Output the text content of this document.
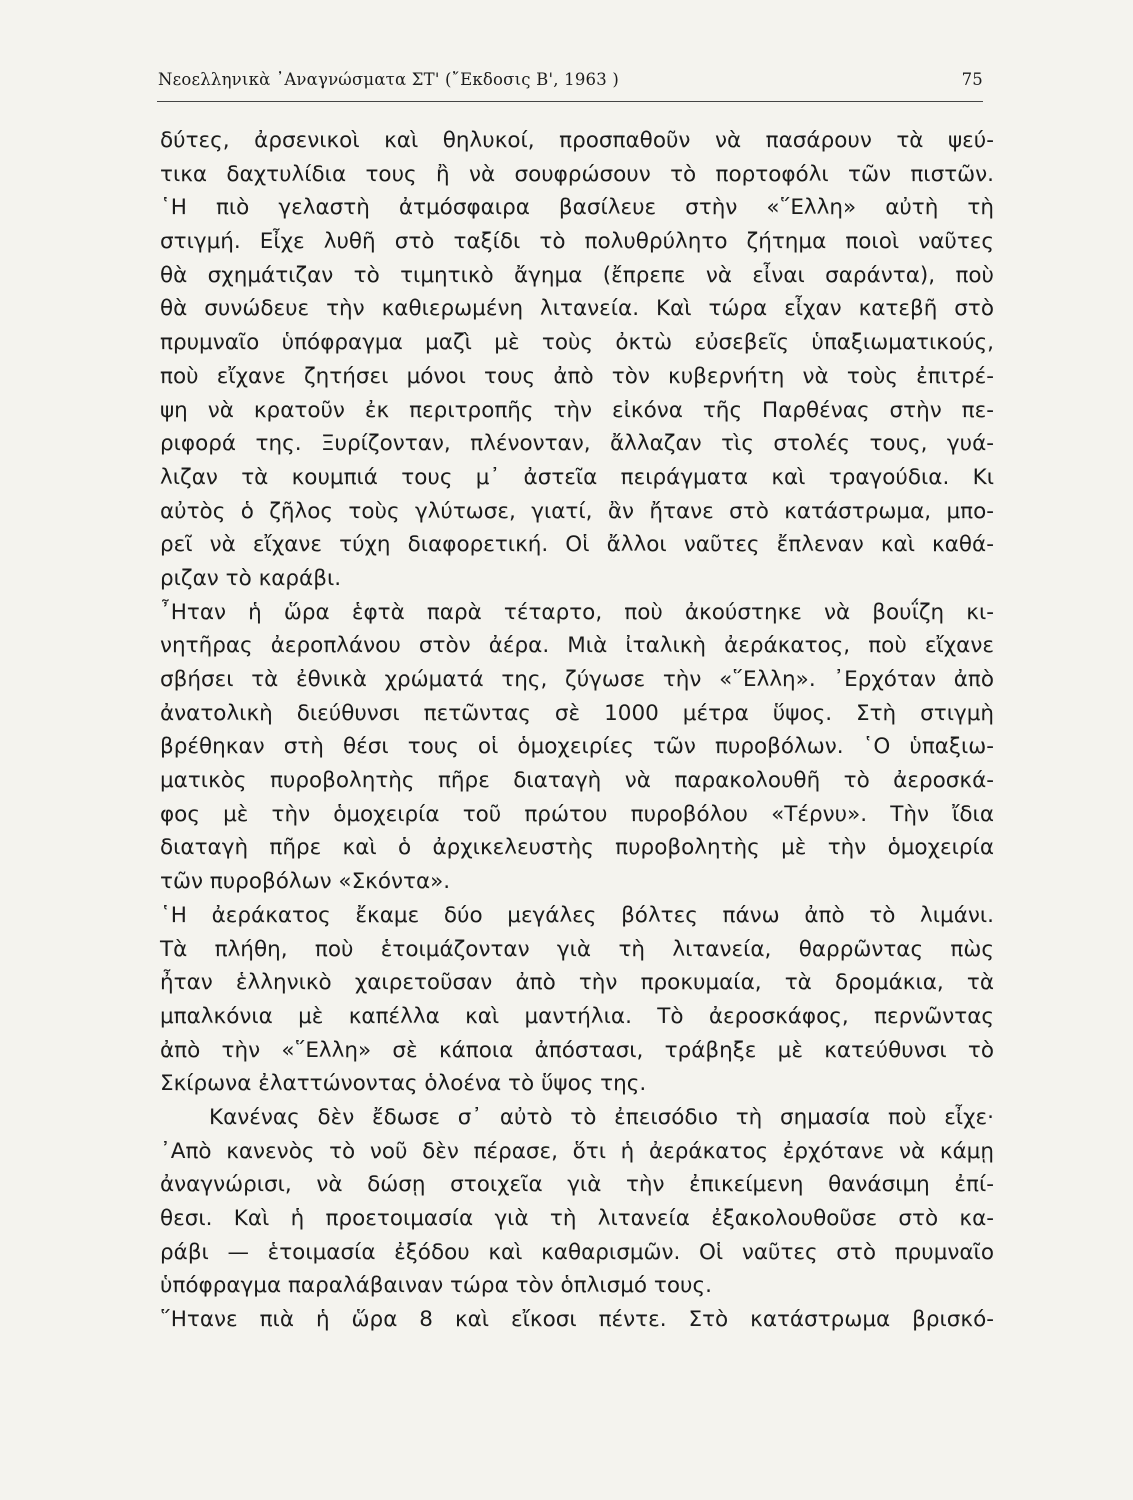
Νεοελληνικὰ ᾿Αναγνώσματα ΣΤ' (῎Εκδοσις Β', 1963 )	75
δύτες, ἀρσενικοὶ καὶ θηλυκοί, προσπαθοῦν νὰ πασάρουν τὰ ψεύ-
τικα δαχτυλίδια τους ἢ νὰ σουφρώσουν τὸ πορτοφόλι τῶν πιστῶν.
῾Η πιὸ γελαστὴ ἀτμόσφαιρα βασίλευε στὴν «῞Ελλη» αὐτὴ τὴ
στιγμή. Εἶχε λυθῆ στὸ ταξίδι τὸ πολυθρύλητο ζήτημα ποιοὶ ναῦτες
θὰ σχημάτιζαν τὸ τιμητικὸ ἄγημα (ἔπρεπε νὰ εἶναι σαράντα), ποὺ
θὰ συνώδευε τὴν καθιερωμένη λιτανεία. Καὶ τώρα εἶχαν κατεβῆ στὸ
πρυμναῖο ὑπόφραγμα μαζὶ μὲ τοὺς ὀκτὼ εὐσεβεῖς ὑπαξιωματικούς,
ποὺ εἴχανε ζητήσει μόνοι τους ἀπὸ τὸν κυβερνήτη νὰ τοὺς ἐπιτρέ-
ψη νὰ κρατοῦν ἐκ περιτροπῆς τὴν εἰκόνα τῆς Παρθένας στὴν πε-
ριφορά της. Ξυρίζονταν, πλένονταν, ἄλλαζαν τὶς στολές τους, γυά-
λιζαν τὰ κουμπιά τους μ᾿ ἀστεῖα πειράγματα καὶ τραγούδια. Κι
αὐτὸς ὁ ζῆλος τοὺς γλύτωσε, γιατί, ἂν ἤτανε στὸ κατάστρωμα, μπο-
ρεῖ νὰ εἴχανε τύχη διαφορετική. Οἱ ἄλλοι ναῦτες ἔπλεναν καὶ καθά-
ριζαν τὸ καράβι.
῏Ηταν ἡ ὥρα ἑφτὰ παρὰ τέταρτο, ποὺ ἀκούστηκε νὰ βουΐζη κι-
νητῆρας ἀεροπλάνου στὸν ἀέρα. Μιὰ ἰταλικὴ ἀεράκατος, ποὺ εἴχανε
σβήσει τὰ ἐθνικὰ χρώματά της, ζύγωσε τὴν «῞Ελλη». ᾿Ερχόταν ἀπὸ
ἀνατολικὴ διεύθυνσι πετῶντας σὲ 1000 μέτρα ὕψος. Στὴ στιγμὴ
βρέθηκαν στὴ θέσι τους οἱ ὁμοχειρίες τῶν πυροβόλων. ῾Ο ὑπαξιω-
ματικὸς πυροβολητὴς πῆρε διαταγὴ νὰ παρακολουθῆ τὸ ἀεροσκά-
φος μὲ τὴν ὁμοχειρία τοῦ πρώτου πυροβόλου «Τέρνυ». Τὴν ἴδια
διαταγὴ πῆρε καὶ ὁ ἀρχικελευστὴς πυροβολητὴς μὲ τὴν ὁμοχειρία
τῶν πυροβόλων «Σκόντα».
῾Η ἀεράκατος ἔκαμε δύο μεγάλες βόλτες πάνω ἀπὸ τὸ λιμάνι.
Τὰ πλήθη, ποὺ ἑτοιμάζονταν γιὰ τὴ λιτανεία, θαρρῶντας πὼς
ἦταν ἑλληνικὸ χαιρετοῦσαν ἀπὸ τὴν προκυμαία, τὰ δρομάκια, τὰ
μπαλκόνια μὲ καπέλλα καὶ μαντήλια. Τὸ ἀεροσκάφος, περνῶντας
ἀπὸ τὴν «῞Ελλη» σὲ κάποια ἀπόστασι, τράβηξε μὲ κατεύθυνσι τὸ
Σκίρωνα ἐλαττώνοντας ὁλοένα τὸ ὕψος της.
Κανένας δὲν ἔδωσε σ᾿ αὐτὸ τὸ ἐπεισόδιο τὴ σημασία ποὺ εἶχε·
᾿Απὸ κανενὸς τὸ νοῦ δὲν πέρασε, ὅτι ἡ ἀεράκατος ἐρχότανε νὰ κάμῃ
ἀναγνώρισι, νὰ δώσῃ στοιχεῖα γιὰ τὴν ἐπικείμενη θανάσιμη ἐπί-
θεσι. Καὶ ἡ προετοιμασία γιὰ τὴ λιτανεία ἐξακολουθοῦσε στὸ κα-
ράβι — ἑτοιμασία ἐξόδου καὶ καθαρισμῶν. Οἱ ναῦτες στὸ πρυμναῖο
ὑπόφραγμα παραλάβαιναν τώρα τὸν ὁπλισμό τους.
῞Ητανε πιὰ ἡ ὥρα 8 καὶ εἴκοσι πέντε. Στὸ κατάστρωμα βρισκό-
